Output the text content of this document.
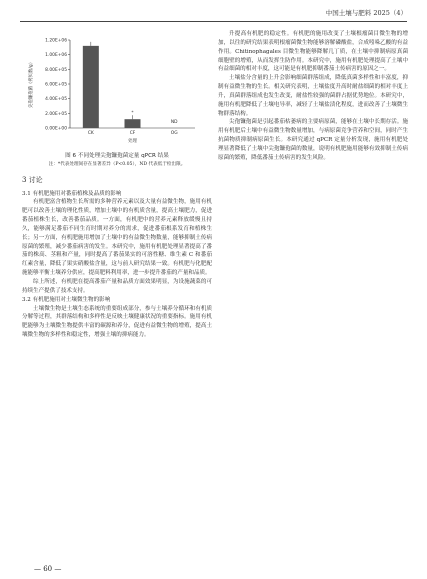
中国土壤与肥料 2025（4）
0.00E+00
2.00E+05
4.00E+05
6.00E+05
8.00E+05
1.00E+06
1.20E+06
尖孢镰孢菌（拷贝数/g）
CK
*
CF
ND
OG
处理
图 6 不同处理尖孢镰孢菌定量 qPCR 结果
注：*代表处理间存在显著差异（P<0.05），ND 代表低于检出限。

3 讨论

3.1 有机肥施用对番茄植株及品质的影响

有机肥富含植物生长所需的多种营养元素以及大量有益微生物，施用有机肥可以改善土壤的理化性质，增加土壤中的有机质含量，提高土壤肥力，促进番茄植株生长，改善番茄品质。一方面，有机肥中的营养元素释放缓慢且持久，能够满足番茄不同生育时期对养分的需求，促进番茄根系发育和植株生长；另一方面，有机肥施用增加了土壤中的有益微生物数量，能够抑制土传病原菌的繁殖，减少番茄病害的发生。本研究中，施用有机肥处理显著提高了番茄的株高、茎粗和产量，同时提高了番茄果实的可溶性糖、维生素 C 和番茄红素含量，降低了果实硝酸盐含量，这与前人研究结果一致。有机肥与化肥配施能够平衡土壤养分供应，提高肥料利用率，进一步提升番茄的产量和品质。

综上所述，有机肥在提高番茄产量和品质方面效果明显，为设施蔬菜的可持续生产提供了技术支持。

3.2 有机肥施用对土壤微生物的影响

土壤微生物是土壤生态系统的重要组成部分，参与土壤养分循环和有机质分解等过程，其群落结构和多样性是反映土壤健康状况的重要指标。施用有机肥能够为土壤微生物提供丰富的碳源和养分，促进有益微生物的增殖，提高土壤微生物的多样性和稳定性，增强土壤的抑病能力。

升提高有机肥的稳定性。有机肥的施用改变了土壤根瘤菌目微生物的增加，以往的研究结果表明根瘤菌微生物能够溶解磷酸盐，合成吲哚乙酸的有益作用。Chitinophagales 目微生物能够降解几丁质，在土壤中抑制病原真菌细胞壁的增殖，从而发挥生防作用。本研究中，施用有机肥处理提高了土壤中有益细菌的相对丰度，这可能是有机肥抑制番茄土传病害的原因之一。

土壤盐分含量的上升会影响细菌群落组成，降低真菌多样性和丰富度，抑制有益微生物的生长。相关研究表明，土壤盐度升高时耐盐细菌的相对丰度上升，真菌群落组成也发生改变，耐盐性较强的菌群占据优势地位。本研究中，施用有机肥降低了土壤电导率，减轻了土壤盐渍化程度，进而改善了土壤微生物群落结构。

尖孢镰孢菌是引起番茄枯萎病的主要病原菌，能够在土壤中长期存活。施用有机肥后土壤中有益微生物数量增加，与病原菌竞争营养和空间，同时产生抗菌物质抑制病原菌生长。本研究通过 qPCR 定量分析发现，施用有机肥处理显著降低了土壤中尖孢镰孢菌的数量，说明有机肥施用能够有效抑制土传病原菌的繁殖，降低番茄土传病害的发生风险。

— 60 —
